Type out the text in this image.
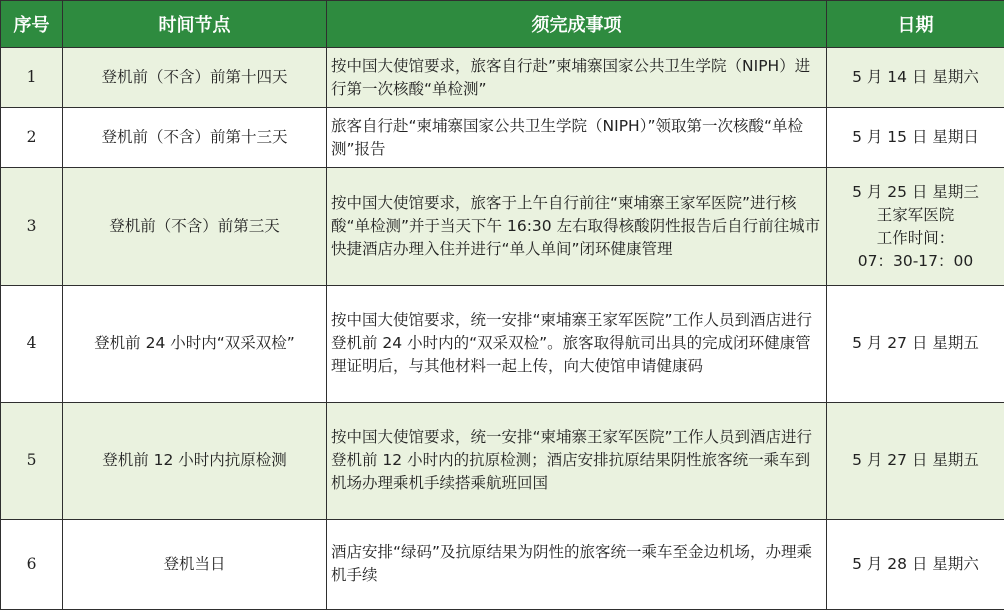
序号	时间节点	须完成事项	日期
1	登机前（不含）前第十四天	按中国大使馆要求，旅客自行赴”柬埔寨国家公共卫生学院（NIPH）进行第一次核酸“单检测”	5 月 14 日 星期六

2	登机前（不含）前第十三天	旅客自行赴“柬埔寨国家公共卫生学院（NIPH）”领取第一次核酸“单检测”报告	5 月 15 日 星期日

3	登机前（不含）前第三天	按中国大使馆要求，旅客于上午自行前往“柬埔寨王家军医院”进行核酸“单检测”并于当天下午 16:30 左右取得核酸阴性报告后自行前往城市快捷酒店办理入住并进行“单人单间”闭环健康管理	5 月 25 日 星期三
王家军医院
工作时间：
07：30-17：00

4	登机前 24 小时内“双采双检”	按中国大使馆要求，统一安排“柬埔寨王家军医院”工作人员到酒店进行登机前 24 小时内的“双采双检”。旅客取得航司出具的完成闭环健康管理证明后，与其他材料一起上传，向大使馆申请健康码	5 月 27 日 星期五

5	登机前 12 小时内抗原检测	按中国大使馆要求，统一安排“柬埔寨王家军医院”工作人员到酒店进行登机前 12 小时内的抗原检测；酒店安排抗原结果阴性旅客统一乘车到机场办理乘机手续搭乘航班回国	5 月 27 日 星期五

6	登机当日	酒店安排“绿码”及抗原结果为阴性的旅客统一乘车至金边机场，办理乘机手续	5 月 28 日 星期六
